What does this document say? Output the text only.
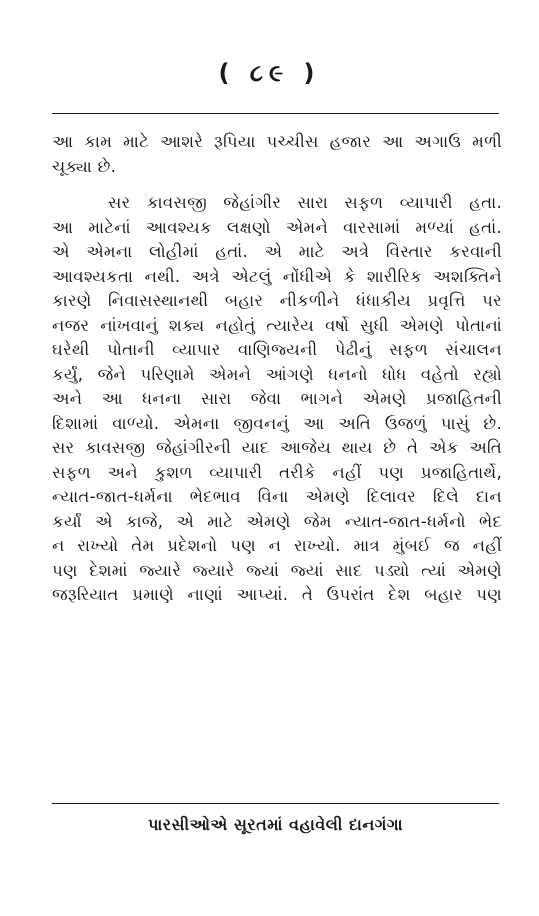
( ૮૯ )
આ કામ માટે આશરે રૂપિયા પચ્ચીસ હજાર આ અગાઉ મળી
ચૂક્યા છે.
સર કાવસજી જેહાંગીર સારા સફળ વ્યાપારી હતા.
આ માટેનાં આવશ્યક લક્ષણો એમને વારસામાં મળ્યાં હતાં.
એ એમના લોહીમાં હતાં. એ માટે અત્રે વિસ્તાર કરવાની
આવશ્યકતા નથી. અત્રે એટલું નોંધીએ કે શારીરિક અશક્તિને
કારણે નિવાસસ્થાનથી બહાર નીકળીને ધંધાકીય પ્રવૃત્તિ પર
નજર નાંખવાનું શક્ય નહોતું ત્યારેય વર્ષો સુધી એમણે પોતાનાં
ઘરેથી પોતાની વ્યાપાર વાણિજ્યની પેઢીનું સફળ સંચાલન
કર્યું, જેને પરિણામે એમને આંગણે ધનનો ધોધ વહેતો રહ્યો
અને આ ધનના સારા જેવા ભાગને એમણે પ્રજાહિતની
દિશામાં વાળ્યો. એમના જીવનનું આ અતિ ઉજળું પાસું છે.
સર કાવસજી જેહાંગીરની યાદ આજેય થાય છે તે એક અતિ
સફળ અને કુશળ વ્યાપારી તરીકે નહીં પણ પ્રજાહિતાર્થે,
ન્યાત-જાત-ધર્મના ભેદભાવ વિના એમણે દિલાવર દિલે દાન
કર્યાં એ કાજે, એ માટે એમણે જેમ ન્યાત-જાત-ધર્મનો ભેદ
ન રાખ્યો તેમ પ્રદેશનો પણ ન રાખ્યો. માત્ર મુંબઈ જ નહીં
પણ દેશમાં જ્યારે જ્યારે જ્યાં જ્યાં સાદ પડ્યો ત્યાં એમણે
જરૂરિયાત પ્રમાણે નાણાં આપ્યાં. તે ઉપરાંત દેશ બહાર પણ
પારસીઓએ સૂરતમાં વહાવેલી દાનગંગા
